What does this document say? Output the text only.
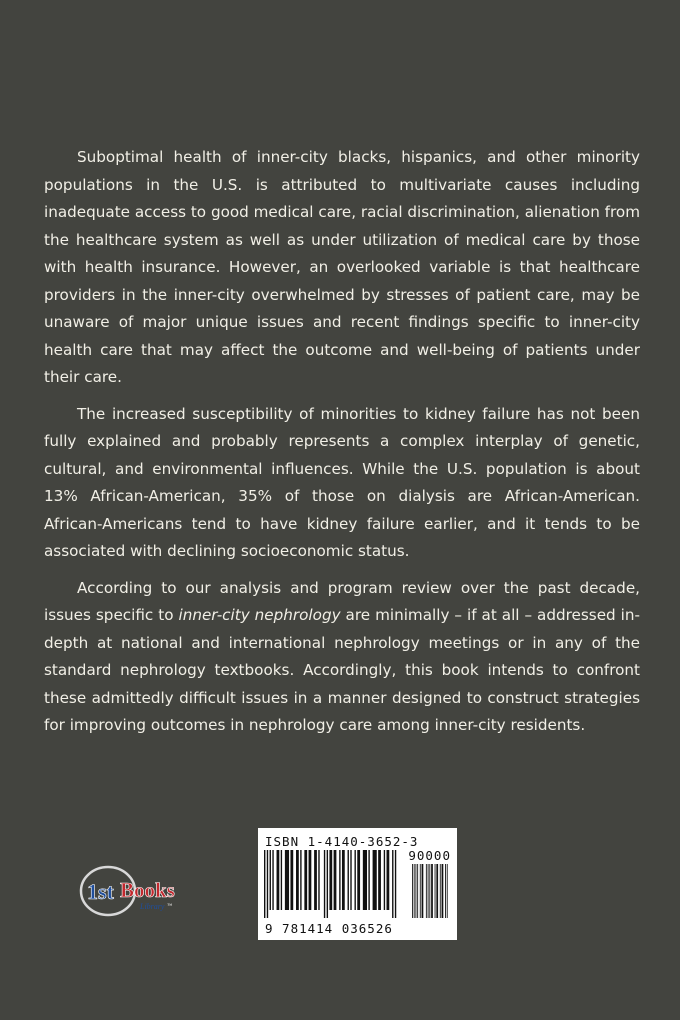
Suboptimal health of inner-city blacks, hispanics, and other minority populations in the U.S. is attributed to multivariate causes including inadequate access to good medical care, racial discrimination, alienation from the healthcare system as well as under utilization of medical care by those with health insurance. However, an overlooked variable is that healthcare providers in the inner-city overwhelmed by stresses of patient care, may be unaware of major unique issues and recent findings specific to inner-city health care that may affect the outcome and well-being of patients under their care.

The increased susceptibility of minorities to kidney failure has not been fully explained and probably represents a complex interplay of genetic, cultural, and environmental influences. While the U.S. population is about 13% African-American, 35% of those on dialysis are African-American. African-Americans tend to have kidney failure earlier, and it tends to be associated with declining socioeconomic status.

According to our analysis and program review over the past decade, issues specific to inner-city nephrology are minimally – if at all – addressed in-depth at national and international nephrology meetings or in any of the standard nephrology textbooks. Accordingly, this book intends to confront these admittedly difficult issues in a manner designed to construct strategies for improving outcomes in nephrology care among inner-city residents.

1st Books
Library ™
ISBN 1-4140-3652-3
90000
9 781414 036526
